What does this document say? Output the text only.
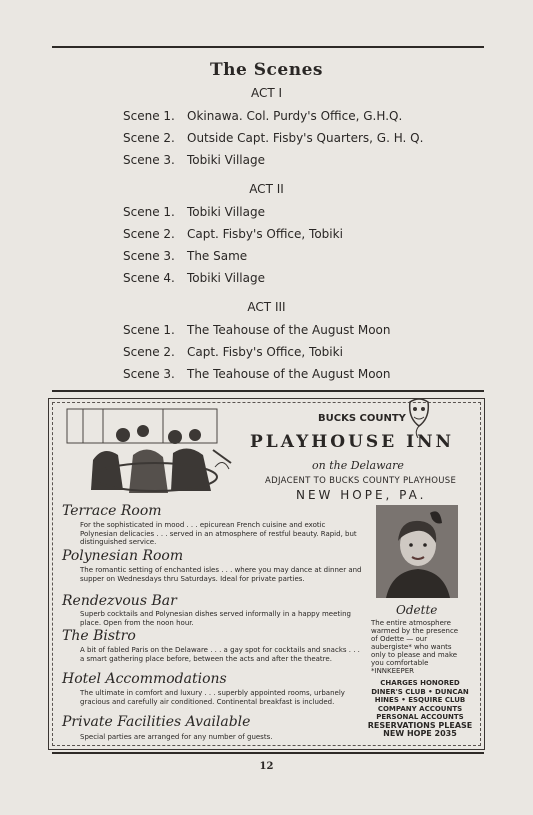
The Scenes
ACT I
Scene 1. Okinawa. Col. Purdy's Office, G.H.Q.
Scene 2. Outside Capt. Fisby's Quarters, G. H. Q.
Scene 3. Tobiki Village
ACT II
Scene 1. Tobiki Village
Scene 2. Capt. Fisby's Office, Tobiki
Scene 3. The Same
Scene 4. Tobiki Village
ACT III
Scene 1. The Teahouse of the August Moon
Scene 2. Capt. Fisby's Office, Tobiki
Scene 3. The Teahouse of the August Moon
BUCKS COUNTY
PLAYHOUSE INN
on the Delaware
ADJACENT TO BUCKS COUNTY PLAYHOUSE
NEW HOPE, PA.
Terrace Room
For the sophisticated in mood . . . epicurean French cuisine and exotic Polynesian delicacies . . . served in an atmosphere of restful beauty. Rapid, but distinguished service.
Polynesian Room
The romantic setting of enchanted isles . . . where you may dance at dinner and supper on Wednesdays thru Saturdays. Ideal for private parties.
Rendezvous Bar
Superb cocktails and Polynesian dishes served informally in a happy meeting place. Open from the noon hour.
The Bistro
A bit of fabled Paris on the Delaware . . . a gay spot for cocktails and snacks . . . a smart gathering place before, between the acts and after the theatre.
Hotel Accommodations
The ultimate in comfort and luxury . . . superbly appointed rooms, urbanely gracious and carefully air conditioned. Continental breakfast is included.
Private Facilities Available
Special parties are arranged for any number of guests.
Odette
The entire atmosphere warmed by the presence of Odette — our aubergiste* who wants only to please and make you comfortable *INNKEEPER
CHARGES HONORED
DINER'S CLUB • DUNCAN HINES • ESQUIRE CLUB
COMPANY ACCOUNTS
PERSONAL ACCOUNTS
RESERVATIONS PLEASE
NEW HOPE 2035
12
